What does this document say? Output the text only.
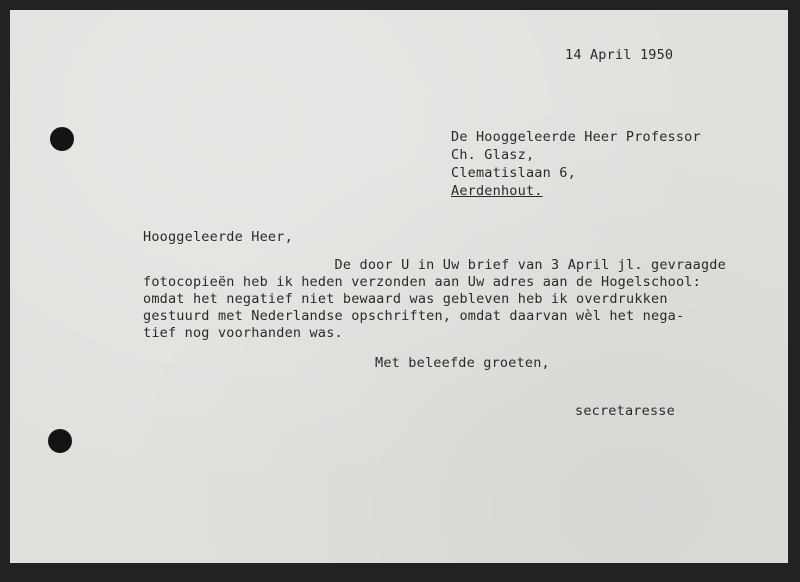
14 April 1950
De Hooggeleerde Heer Professor
Ch. Glasz,
Clematislaan 6,
Aerdenhout.
Hooggeleerde Heer,
De door U in Uw brief van 3 April jl. gevraagde
fotocopieën heb ik heden verzonden aan Uw adres aan de Hogelschool:
omdat het negatief niet bewaard was gebleven heb ik overdrukken
gestuurd met Nederlandse opschriften, omdat daarvan wèl het nega-
tief nog voorhanden was.
Met beleefde groeten,
secretaresse
